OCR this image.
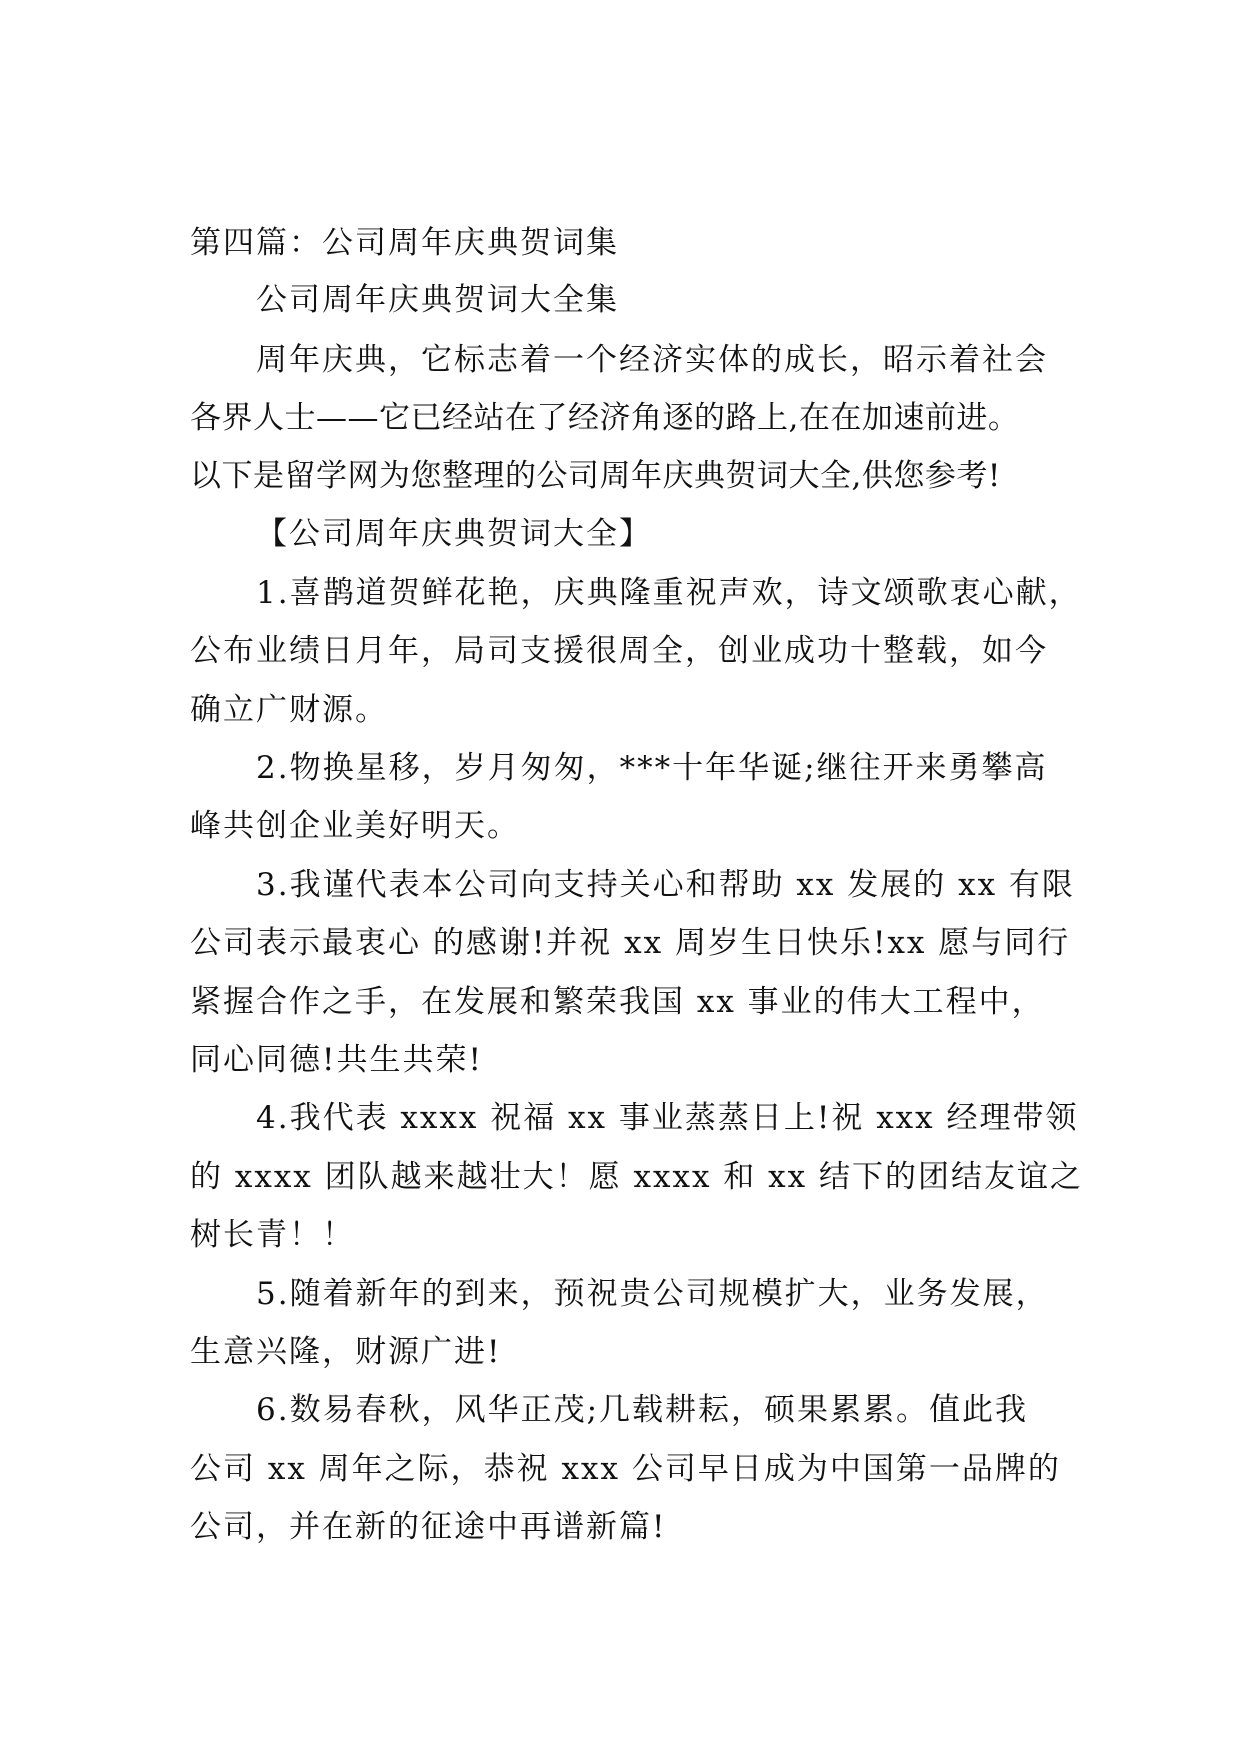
第四篇：公司周年庆典贺词集
公司周年庆典贺词大全集
周年庆典，它标志着一个经济实体的成长，昭示着社会
各界人士——它已经站在了经济角逐的路上,在在加速前进。
以下是留学网为您整理的公司周年庆典贺词大全,供您参考!
【公司周年庆典贺词大全】
1.喜鹊道贺鲜花艳，庆典隆重祝声欢，诗文颂歌衷心献，
公布业绩日月年，局司支援很周全，创业成功十整载，如今
确立广财源。
2.物换星移，岁月匆匆，***十年华诞;继往开来勇攀高
峰共创企业美好明天。
3.我谨代表本公司向支持关心和帮助 xx 发展的 xx 有限
公司表示最衷心 的感谢!并祝 xx 周岁生日快乐!xx 愿与同行
紧握合作之手，在发展和繁荣我国 xx 事业的伟大工程中，
同心同德!共生共荣!
4.我代表 xxxx 祝福 xx 事业蒸蒸日上!祝 xxx 经理带领
的 xxxx 团队越来越壮大！愿 xxxx 和 xx 结下的团结友谊之
树长青！！
5.随着新年的到来，预祝贵公司规模扩大，业务发展，
生意兴隆，财源广进!
6.数易春秋，风华正茂;几载耕耘，硕果累累。值此我
公司 xx 周年之际，恭祝 xxx 公司早日成为中国第一品牌的
公司，并在新的征途中再谱新篇!
